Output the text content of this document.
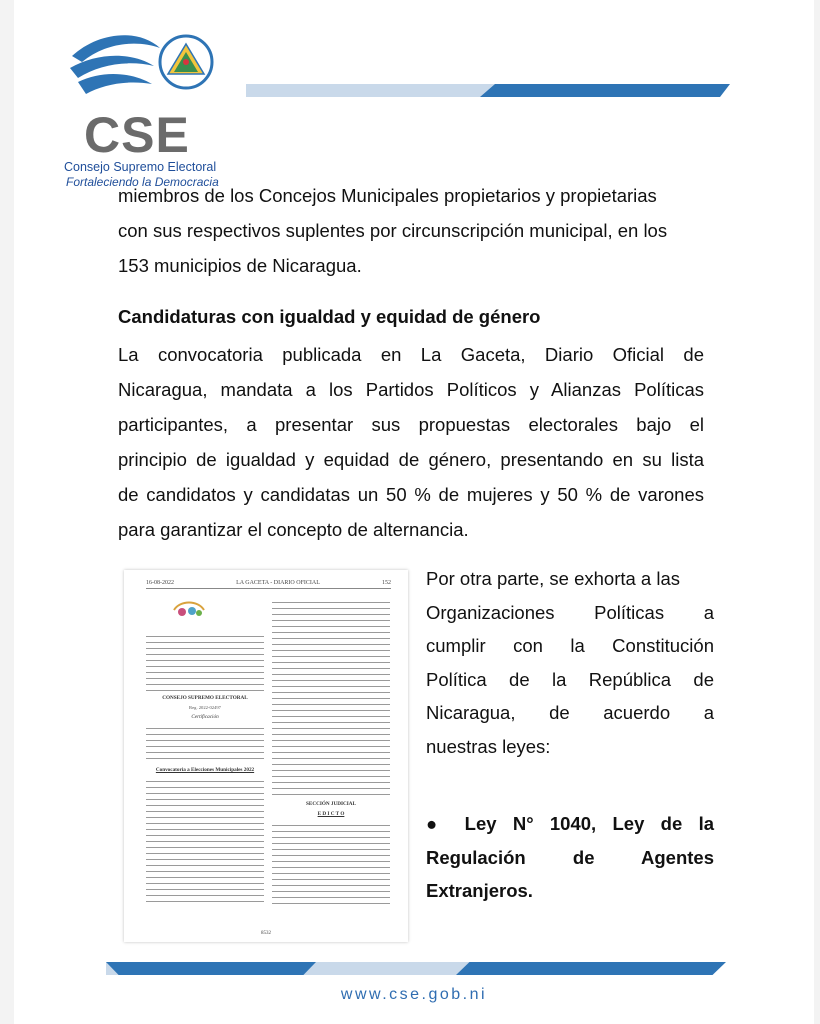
CSE
Consejo Supremo Electoral
Fortaleciendo la Democracia
miembros de los Concejos Municipales propietarios y propietarias
con sus respectivos suplentes por circunscripción municipal, en los
153 municipios de Nicaragua.
Candidaturas con igualdad y equidad de género
La convocatoria publicada en La Gaceta, Diario Oficial de
Nicaragua, mandata a los Partidos Políticos y Alianzas Políticas
participantes, a presentar sus propuestas electorales bajo el
principio de igualdad y equidad de género, presentando en su lista
de candidatos y candidatas un 50 % de mujeres y 50 % de varones
para garantizar el concepto de alternancia.
16-08-2022	LA GACETA - DIARIO OFICIAL	152
CONSEJO SUPREMO ELECTORAL
Reg. 2022-02497
Certificación
Convocatoria a Elecciones Municipales 2022
SECCIÓN JUDICIAL
E D I C T O
8532
Por otra parte, se exhorta a las
Organizaciones Políticas a
cumplir con la Constitución
Política de la República de
Nicaragua, de acuerdo a
nuestras leyes:
● Ley N° 1040, Ley de la
Regulación de Agentes
Extranjeros.
www.cse.gob.ni
